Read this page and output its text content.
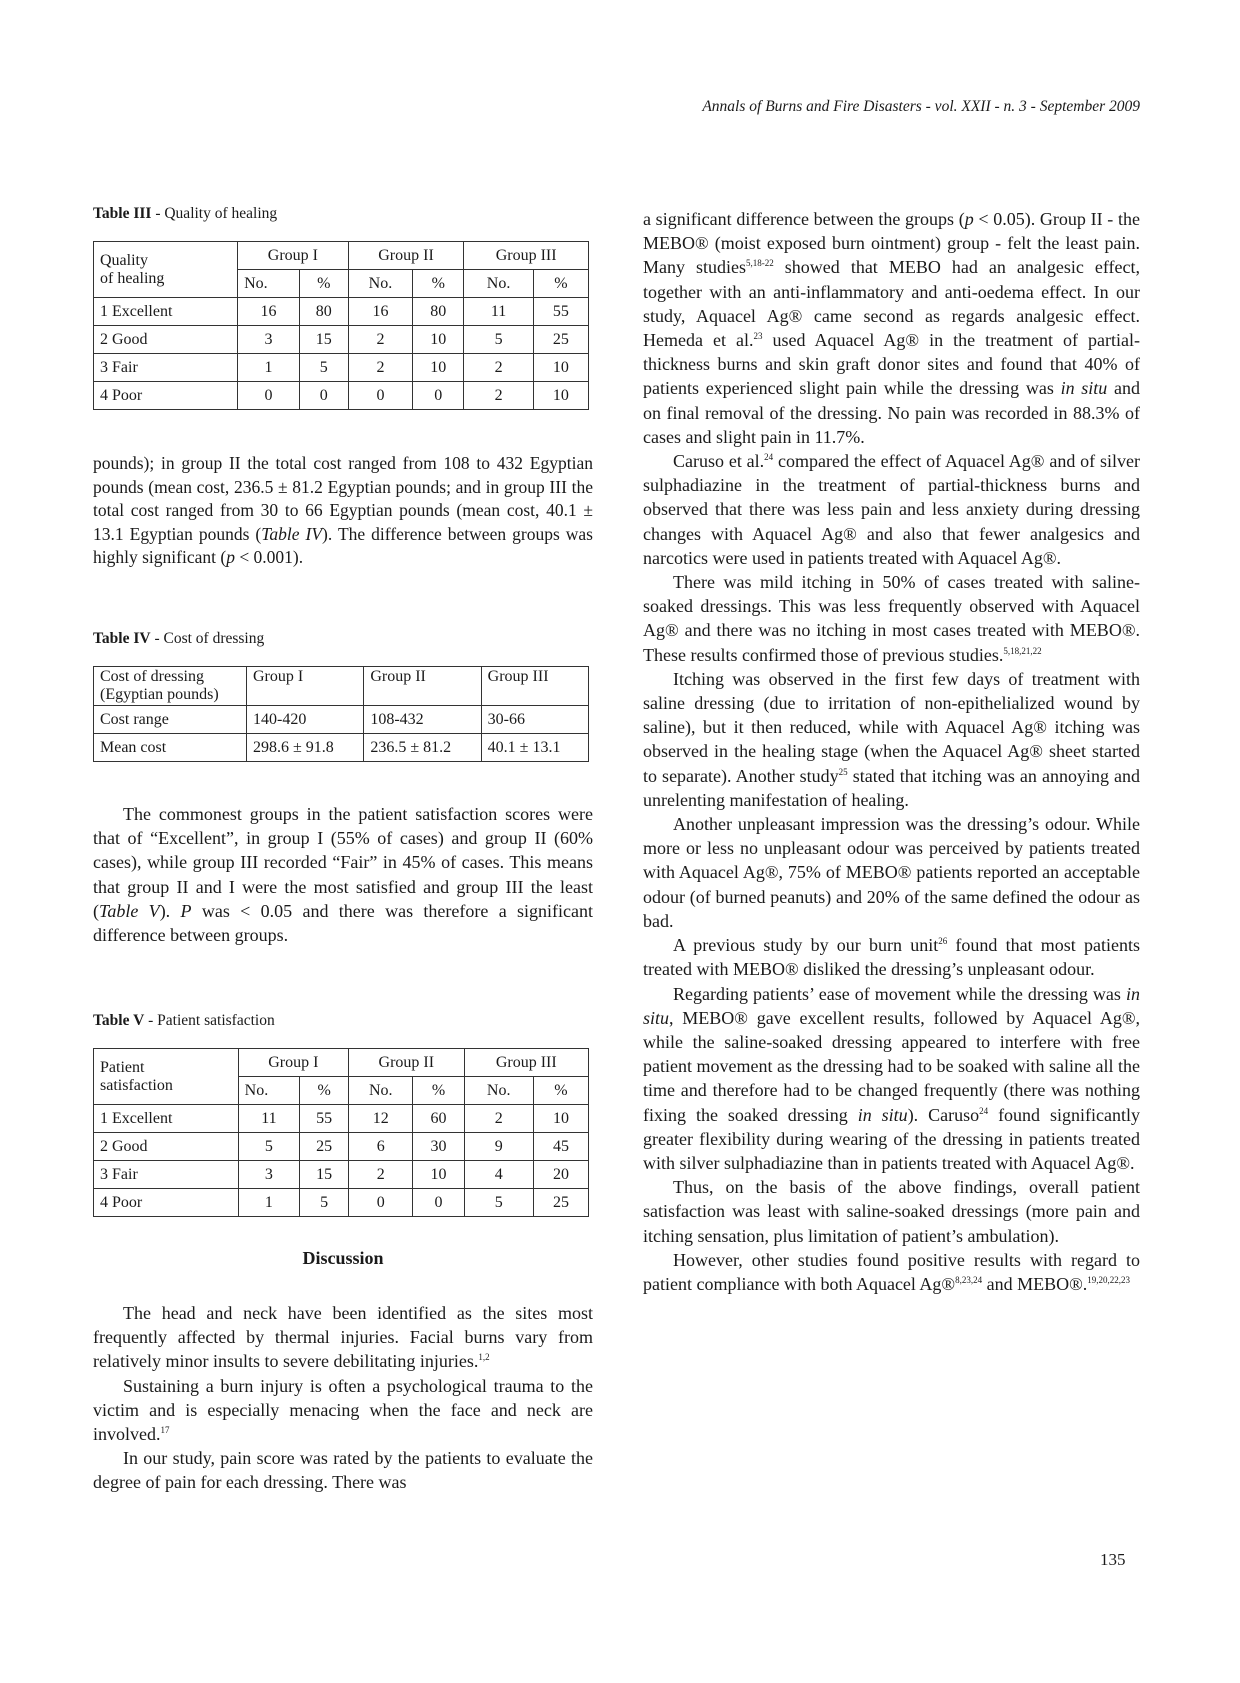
Annals of Burns and Fire Disasters - vol. XXII - n. 3 - September 2009
Table III - Quality of healing
Quality
of healing	Group I		Group II		Group III	
	No.	%	No.	%	No.	%
1 Excellent	16	80	16	80	11	55
2 Good	3	15	2	10	5	25
3 Fair	1	5	2	10	2	10
4 Poor	0	0	0	0	2	10

pounds); in group II the total cost ranged from 108 to 432 Egyptian pounds (mean cost, 236.5 ± 81.2 Egyptian pounds; and in group III the total cost ranged from 30 to 66 Egyptian pounds (mean cost, 40.1 ± 13.1 Egyptian pounds (Table IV). The difference between groups was highly significant (p < 0.001).

Table IV - Cost of dressing
Cost of dressing (Egyptian pounds)	Group I	Group II	Group III
Cost range	140-420	108-432	30-66
Mean cost	298.6 ± 91.8	236.5 ± 81.2	40.1 ± 13.1

The commonest groups in the patient satisfaction scores were that of “Excellent”, in group I (55% of cases) and group II (60% cases), while group III recorded “Fair” in 45% of cases. This means that group II and I were the most satisfied and group III the least (Table V). P was < 0.05 and there was therefore a significant difference between groups.

Table V - Patient satisfaction
Patient
satisfaction	Group I		Group II		Group III	
	No.	%	No.	%	No.	%
1 Excellent	11	55	12	60	2	10
2 Good	5	25	6	30	9	45
3 Fair	3	15	2	10	4	20
4 Poor	1	5	0	0	5	25
Discussion

The head and neck have been identified as the sites most frequently affected by thermal injuries. Facial burns vary from relatively minor insults to severe debilitating injuries.$^{1,2}$

Sustaining a burn injury is often a psychological trauma to the victim and is especially menacing when the face and neck are involved.$^{17}$

In our study, pain score was rated by the patients to evaluate the degree of pain for each dressing. There was

a significant difference between the groups (p < 0.05). Group II - the MEBO® (moist exposed burn ointment) group - felt the least pain. Many studies$^{5,18-22}$ showed that MEBO had an analgesic effect, together with an anti-inflammatory and anti-oedema effect. In our study, Aquacel Ag® came second as regards analgesic effect. Hemeda et al.$^{23}$ used Aquacel Ag® in the treatment of partial-thickness burns and skin graft donor sites and found that 40% of patients experienced slight pain while the dressing was in situ and on final removal of the dressing. No pain was recorded in 88.3% of cases and slight pain in 11.7%.

Caruso et al.$^{24}$ compared the effect of Aquacel Ag® and of silver sulphadiazine in the treatment of partial-thickness burns and observed that there was less pain and less anxiety during dressing changes with Aquacel Ag® and also that fewer analgesics and narcotics were used in patients treated with Aquacel Ag®.

There was mild itching in 50% of cases treated with saline-soaked dressings. This was less frequently observed with Aquacel Ag® and there was no itching in most cases treated with MEBO®. These results confirmed those of previous studies.$^{5,18,21,22}$

Itching was observed in the first few days of treatment with saline dressing (due to irritation of non-epithelialized wound by saline), but it then reduced, while with Aquacel Ag® itching was observed in the healing stage (when the Aquacel Ag® sheet started to separate). Another study$^{25}$ stated that itching was an annoying and unrelenting manifestation of healing.

Another unpleasant impression was the dressing’s odour. While more or less no unpleasant odour was perceived by patients treated with Aquacel Ag®, 75% of MEBO® patients reported an acceptable odour (of burned peanuts) and 20% of the same defined the odour as bad.

A previous study by our burn unit$^{26}$ found that most patients treated with MEBO® disliked the dressing’s unpleasant odour.

Regarding patients’ ease of movement while the dressing was in situ, MEBO® gave excellent results, followed by Aquacel Ag®, while the saline-soaked dressing appeared to interfere with free patient movement as the dressing had to be soaked with saline all the time and therefore had to be changed frequently (there was nothing fixing the soaked dressing in situ). Caruso$^{24}$ found significantly greater flexibility during wearing of the dressing in patients treated with silver sulphadiazine than in patients treated with Aquacel Ag®.

Thus, on the basis of the above findings, overall patient satisfaction was least with saline-soaked dressings (more pain and itching sensation, plus limitation of patient’s ambulation).

However, other studies found positive results with regard to patient compliance with both Aquacel Ag®$^{8,23,24}$ and MEBO®.$^{19,20,22,23}$

135
